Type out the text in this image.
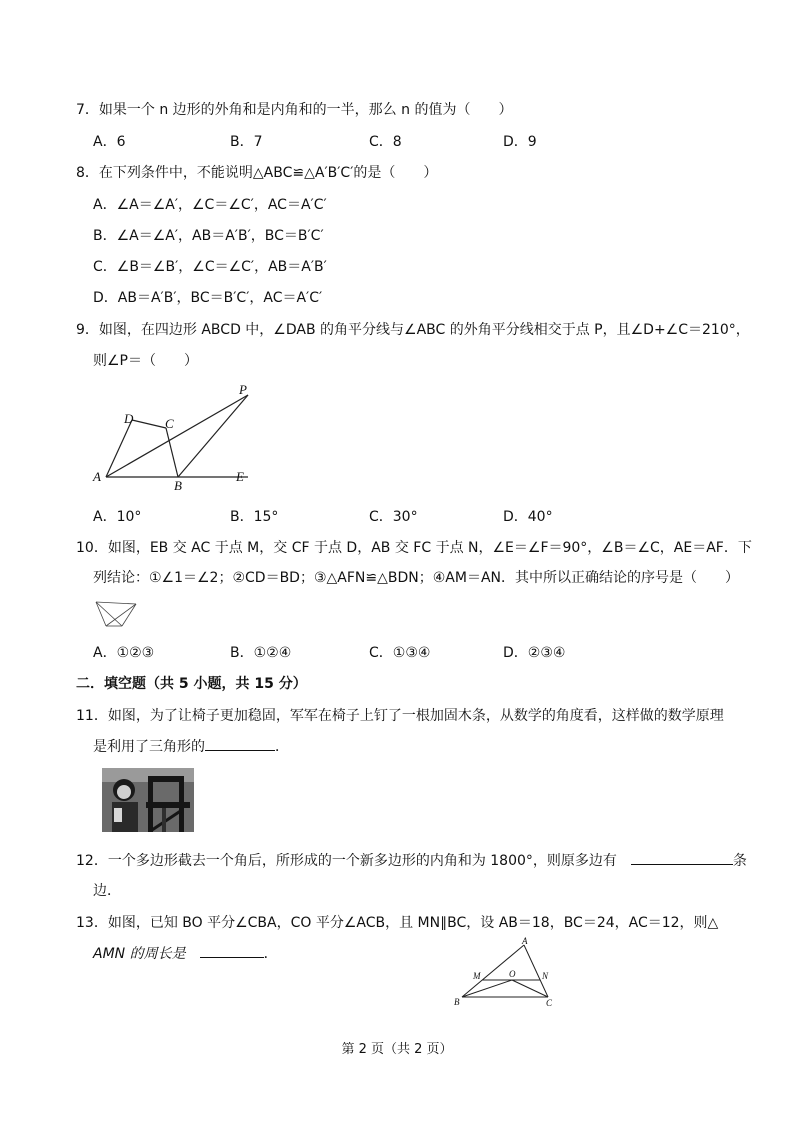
7．如果一个 n 边形的外角和是内角和的一半，那么 n 的值为（　　）
A．6	B．7	C．8	D．9
8．在下列条件中，不能说明△ABC≌△A′B′C′的是（　　）
A．∠A＝∠A′，∠C＝∠C′，AC＝A′C′
B．∠A＝∠A′，AB＝A′B′，BC＝B′C′
C．∠B＝∠B′，∠C＝∠C′，AB＝A′B′
D．AB＝A′B′，BC＝B′C′，AC＝A′C′
9．如图，在四边形 ABCD 中，∠DAB 的角平分线与∠ABC 的外角平分线相交于点 P，且∠D+∠C＝210°，
则∠P＝（　　）
P
D C
A
B
E
A．10°	B．15°	C．30°	D．40°
10．如图，EB 交 AC 于点 M，交 CF 于点 D，AB 交 FC 于点 N，∠E＝∠F＝90°，∠B＝∠C，AE＝AF．下
列结论：①∠1＝∠2；②CD＝BD；③△AFN≌△BDN；④AM＝AN．其中所以正确结论的序号是（　　）
A．①②③	B．①②④	C．①③④	D．②③④
二．填空题（共 5 小题，共 15 分）
11．如图，为了让椅子更加稳固，军军在椅子上钉了一根加固木条，从数学的角度看，这样做的数学原理
是利用了三角形的	．
12．一个多边形截去一个角后，所形成的一个新多边形的内角和为 1800°，则原多边有　	条
边．
13．如图，已知 BO 平分∠CBA，CO 平分∠ACB，且 MN∥BC，设 AB＝18，BC＝24，AC＝12，则△
AMN 的周长是　	．
A
M	O	N
B	C
第 2 页（共 2 页）
